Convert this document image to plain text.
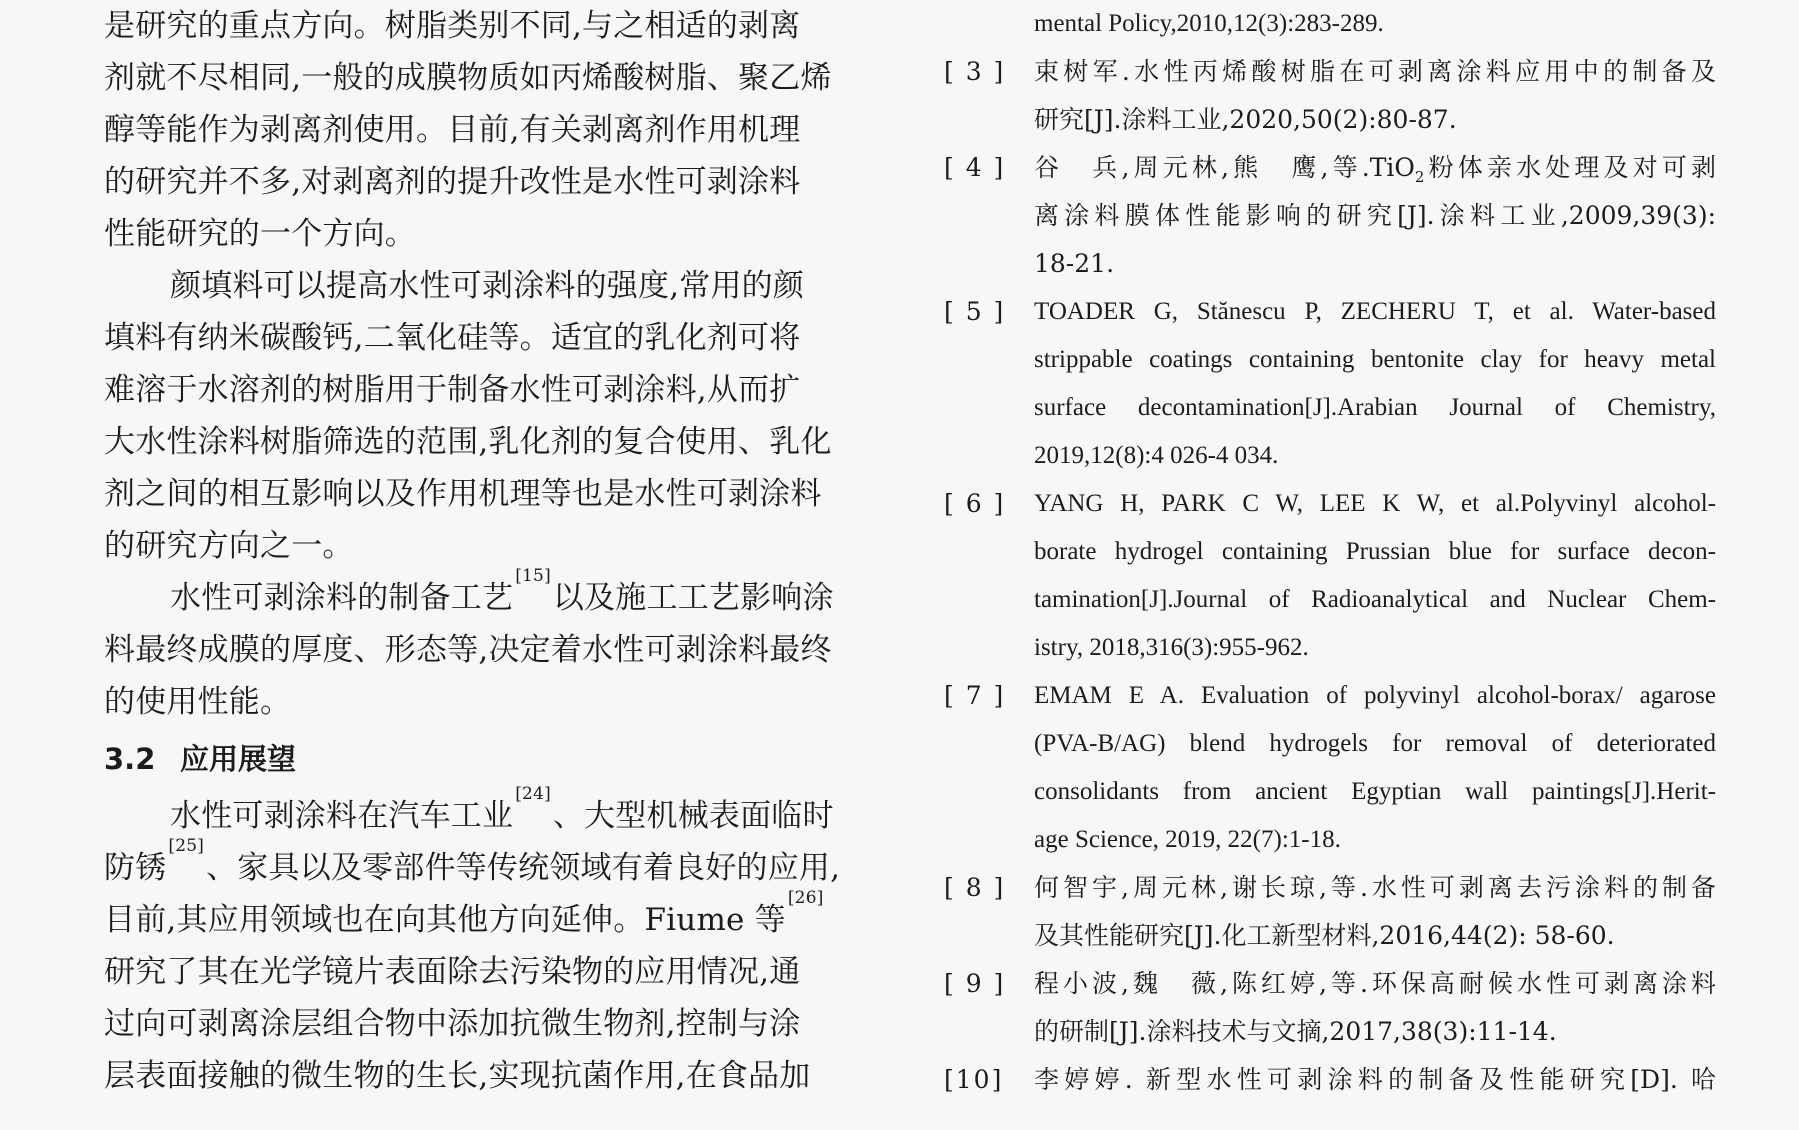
是研究的重点方向。树脂类别不同,与之相适的剥离
剂就不尽相同,一般的成膜物质如丙烯酸树脂、聚乙烯
醇等能作为剥离剂使用。目前,有关剥离剂作用机理
的研究并不多,对剥离剂的提升改性是水性可剥涂料
性能研究的一个方向。
颜填料可以提高水性可剥涂料的强度,常用的颜
填料有纳米碳酸钙,二氧化硅等。适宜的乳化剂可将
难溶于水溶剂的树脂用于制备水性可剥涂料,从而扩
大水性涂料树脂筛选的范围,乳化剂的复合使用、乳化
剂之间的相互影响以及作用机理等也是水性可剥涂料
的研究方向之一。
水性可剥涂料的制备工艺[15]以及施工工艺影响涂
料最终成膜的厚度、形态等,决定着水性可剥涂料最终
的使用性能。
3.2 应用展望
水性可剥涂料在汽车工业[24]、大型机械表面临时
防锈[25]、家具以及零部件等传统领域有着良好的应用,
目前,其应用领域也在向其他方向延伸。Fiume 等[26]
研究了其在光学镜片表面除去污染物的应用情况,通
过向可剥离涂层组合物中添加抗微生物剂,控制与涂
层表面接触的微生物的生长,实现抗菌作用,在食品加
mental Policy,2010,12(3):283-289.
[ 3 ] 束树军.水性丙烯酸树脂在可剥离涂料应用中的制备及
研究[J].涂料工业,2020,50(2):80-87.
[ 4 ] 谷　兵,周元林,熊　鹰,等.TiO$_2$粉体亲水处理及对可剥
离涂料膜体性能影响的研究[J].涂料工业,2009,39(3):
18-21.
[ 5 ] TOADER G, Stănescu P, ZECHERU T, et al. Water-based
strippable coatings containing bentonite clay for heavy metal
surface decontamination[J].Arabian Journal of Chemistry,
2019,12(8):4 026-4 034.
[ 6 ] YANG H, PARK C W, LEE K W, et al.Polyvinyl alcohol-
borate hydrogel containing Prussian blue for surface decon-
tamination[J].Journal of Radioanalytical and Nuclear Chem-
istry, 2018,316(3):955-962.
[ 7 ] EMAM E A. Evaluation of polyvinyl alcohol-borax/ agarose
(PVA-B/AG) blend hydrogels for removal of deteriorated
consolidants from ancient Egyptian wall paintings[J].Herit-
age Science, 2019, 22(7):1-18.
[ 8 ] 何智宇,周元林,谢长琼,等.水性可剥离去污涂料的制备
及其性能研究[J].化工新型材料,2016,44(2): 58-60.
[ 9 ] 程小波,魏　薇,陈红婷,等.环保高耐候水性可剥离涂料
的研制[J].涂料技术与文摘,2017,38(3):11-14.
[10] 李婷婷. 新型水性可剥涂料的制备及性能研究[D]. 哈
